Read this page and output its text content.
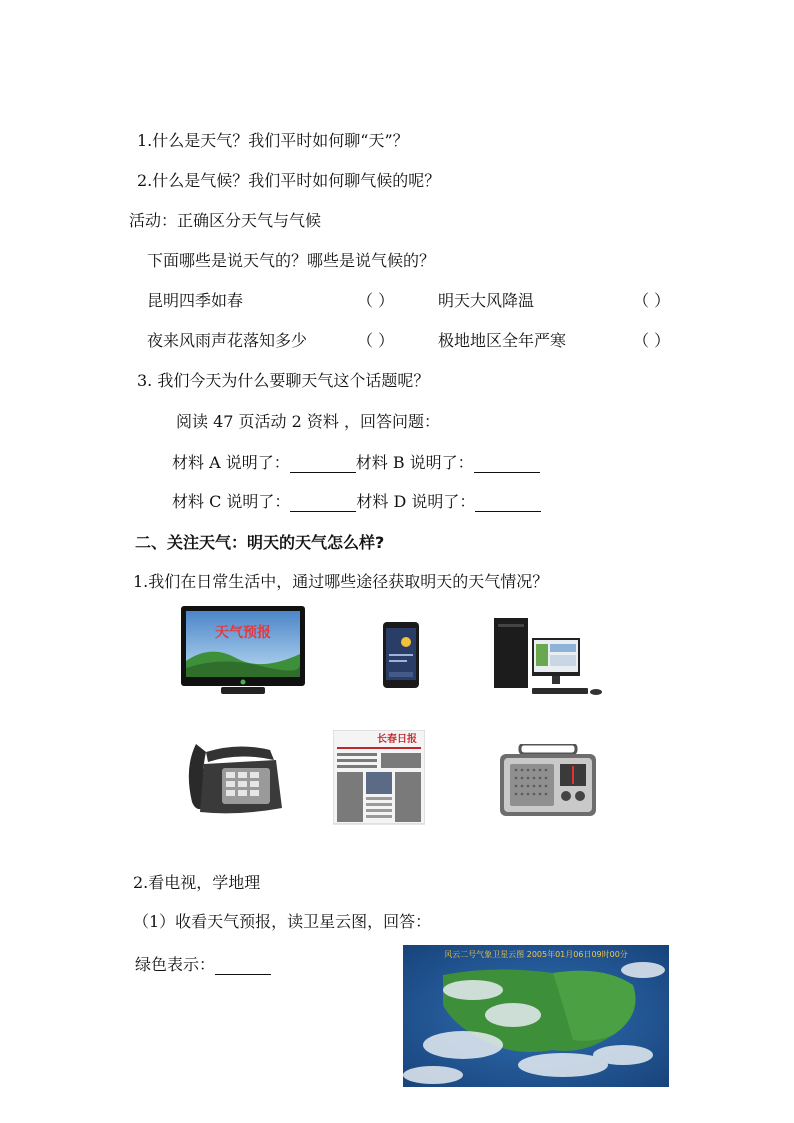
1.什么是天气？我们平时如何聊“天”？
2.什么是气候？我们平时如何聊气候的呢？
活动：正确区分天气与气候
下面哪些是说天气的？哪些是说气候的？
昆明四季如春	（ ）	明天大风降温	（ ）
夜来风雨声花落知多少	（ ）	极地地区全年严寒	（ ）
3. 我们今天为什么要聊天气这个话题呢？
阅读 47 页活动 2 资料 ，回答问题：
材料 A 说明了：	材料 B 说明了：
材料 C 说明了：	材料 D 说明了：
二、关注天气：明天的天气怎么样?
1.我们在日常生活中，通过哪些途径获取明天的天气情况？
天气预报
长春日报
2.看电视，学地理
（1）收看天气预报，读卫星云图，回答：
绿色表示：
风云二号气象卫星云图 2005年01月06日09时00分
